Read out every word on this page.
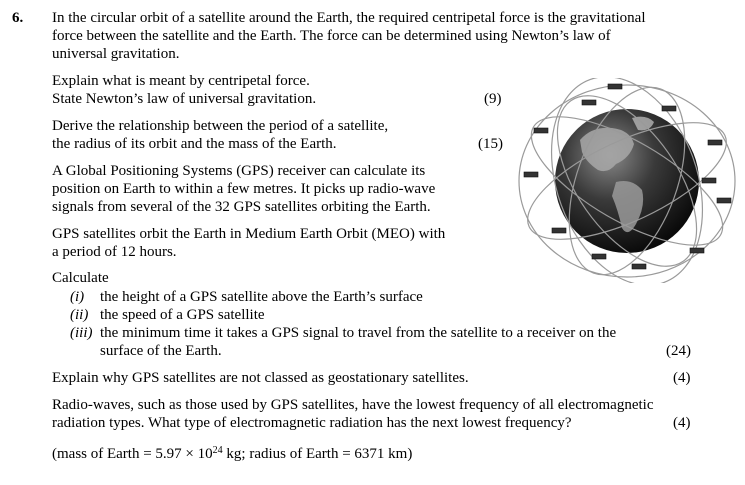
6. In the circular orbit of a satellite around the Earth, the required centripetal force is the gravitational
force between the satellite and the Earth. The force can be determined using Newton’s law of
universal gravitation.
Explain what is meant by centripetal force.
State Newton’s law of universal gravitation.	(9)
Derive the relationship between the period of a satellite,
the radius of its orbit and the mass of the Earth.	(15)
A Global Positioning Systems (GPS) receiver can calculate its
position on Earth to within a few metres. It picks up radio-wave
signals from several of the 32 GPS satellites orbiting the Earth.
GPS satellites orbit the Earth in Medium Earth Orbit (MEO) with
a period of 12 hours.
Calculate
(i) the height of a GPS satellite above the Earth’s surface
(ii) the speed of a GPS satellite
(iii) the minimum time it takes a GPS signal to travel from the satellite to a receiver on the
surface of the Earth.	(24)
Explain why GPS satellites are not classed as geostationary satellites.	(4)
Radio-waves, such as those used by GPS satellites, have the lowest frequency of all electromagnetic
radiation types. What type of electromagnetic radiation has the next lowest frequency?	(4)
(mass of Earth = $5.97 \times 10^{24}$ kg; radius of Earth = 6371 km)
